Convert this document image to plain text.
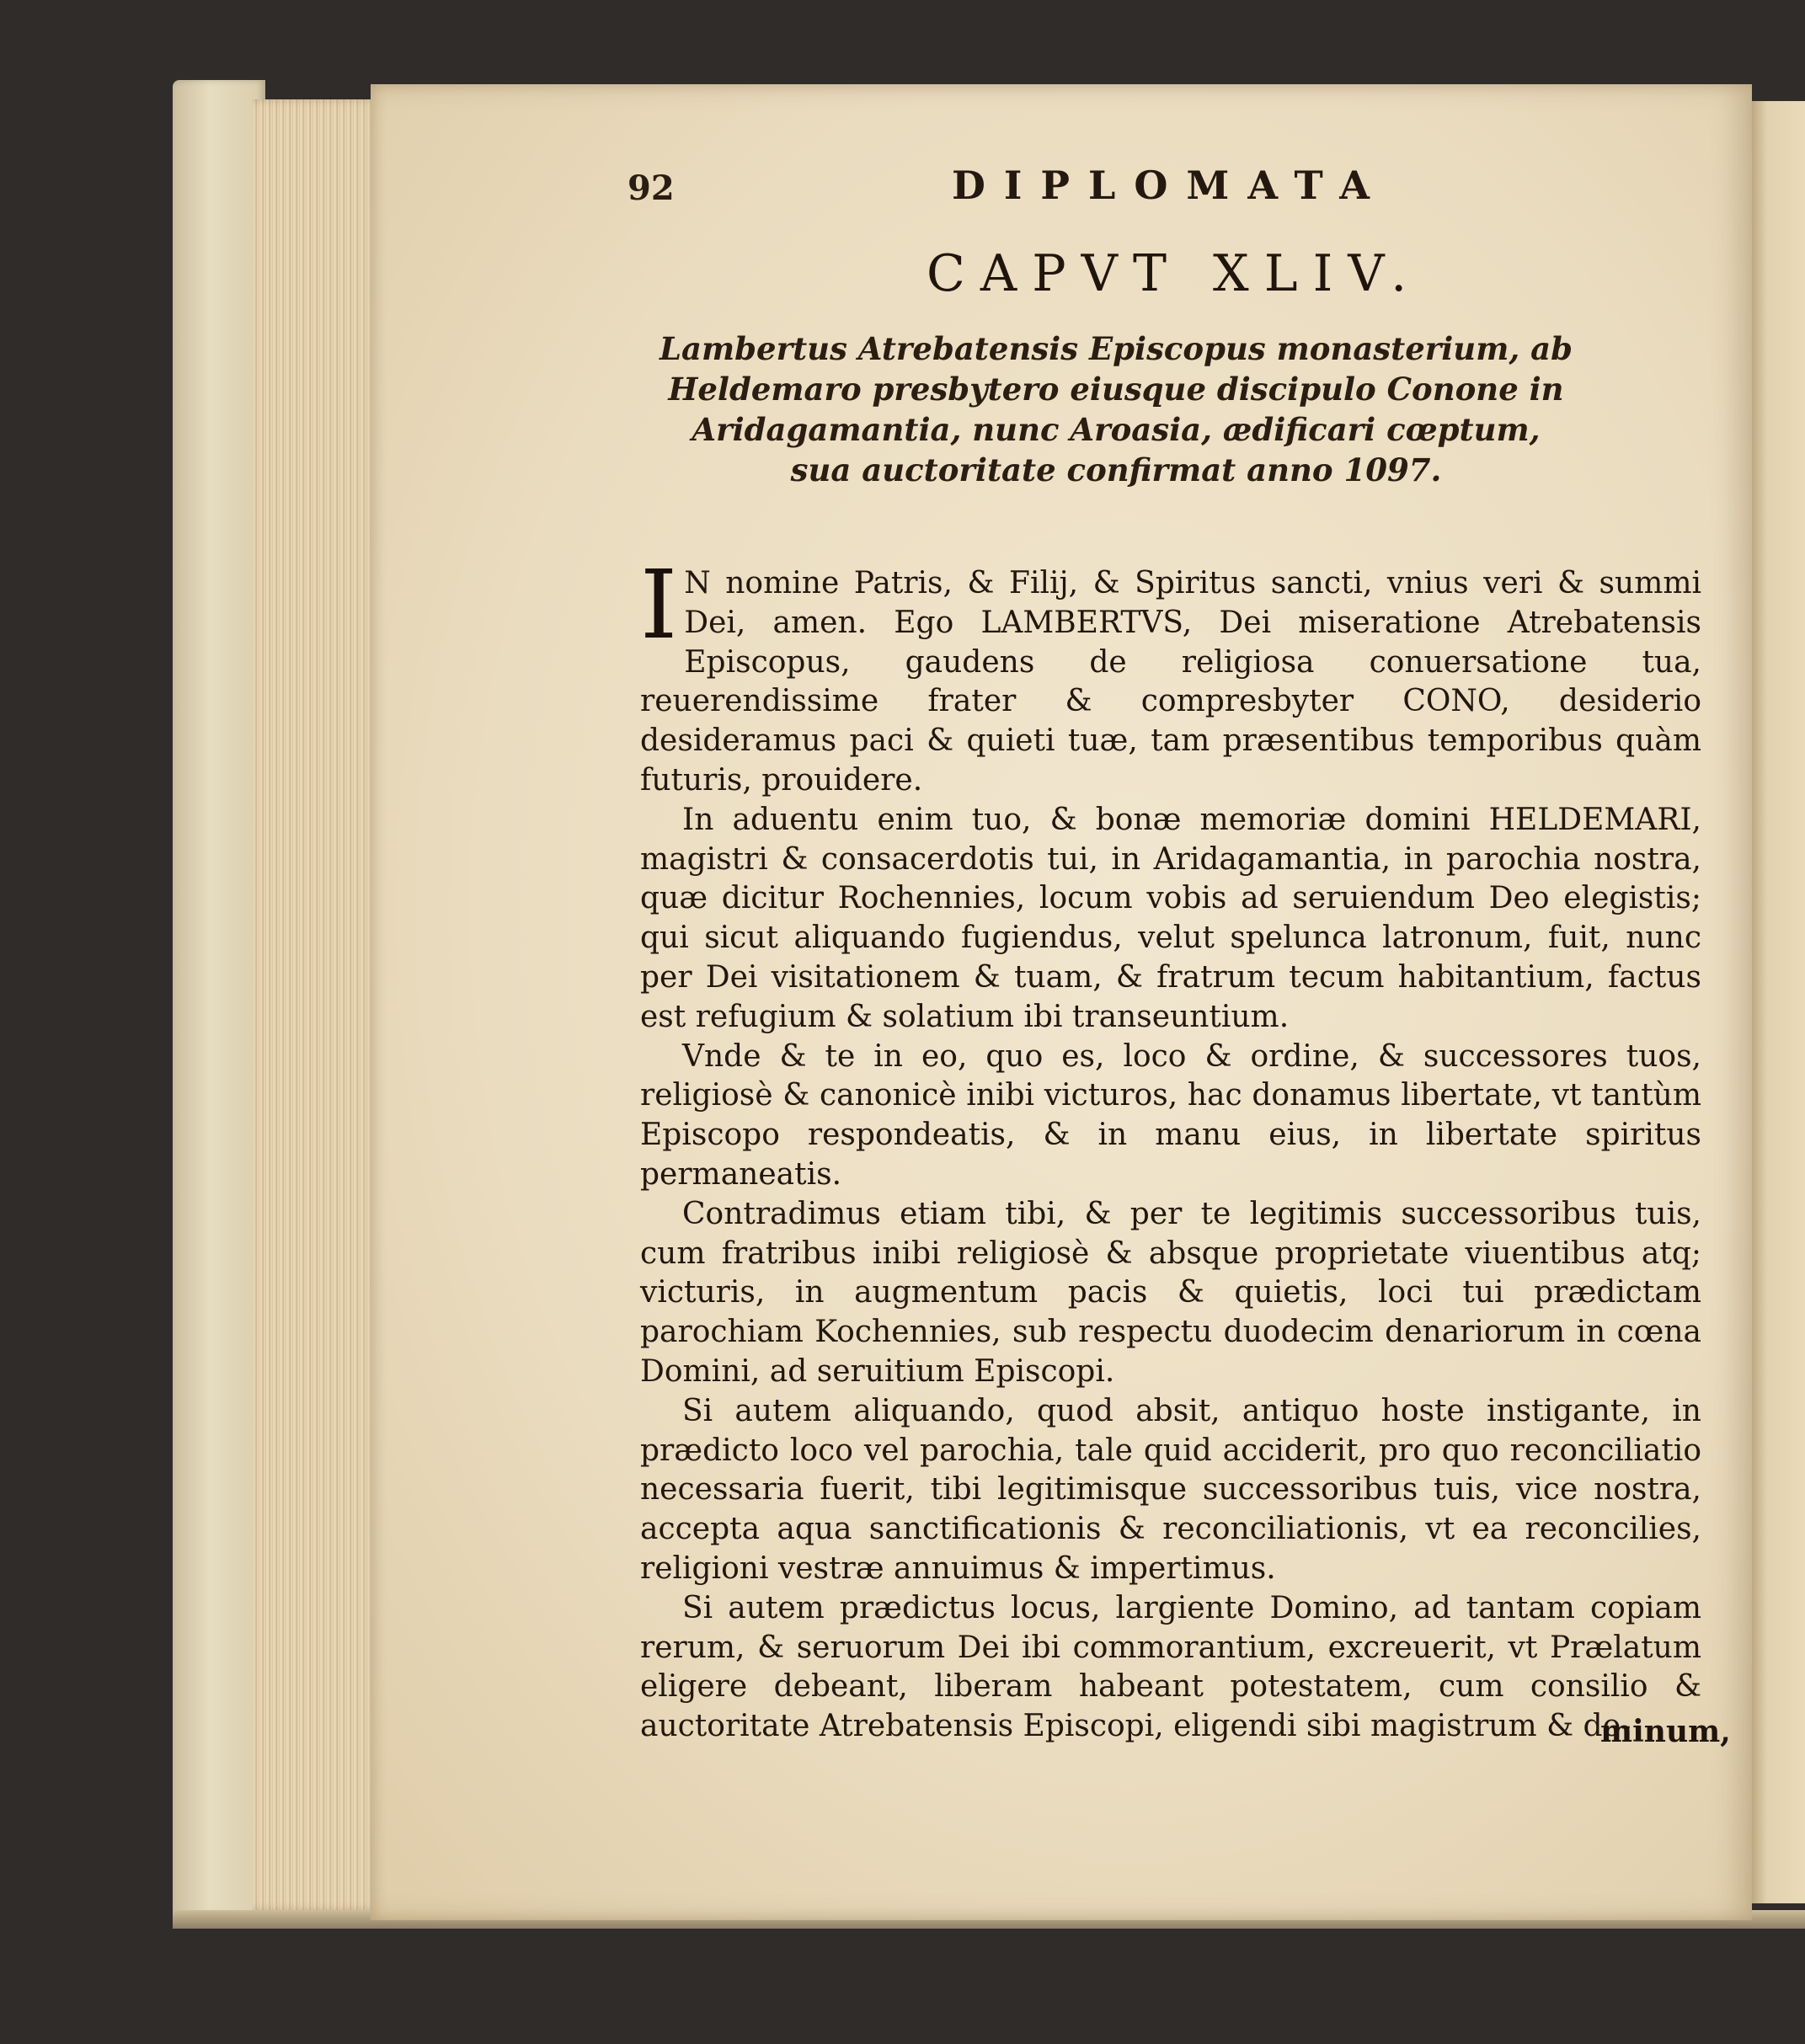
92	DIPLOMATA
CAPVT XLIV.
Lambertus Atrebatensis Episcopus monasterium, ab Heldemaro presbytero eiusque discipulo Conone in Aridagamantia, nunc Aroasia, ædificari cœptum, sua auctoritate confirmat anno 1097.

I N nomine Patris, & Filij, & Spiritus sancti, vnius veri & summi Dei, amen. Ego LAMBERTVS, Dei miseratione Atrebatensis Episcopus, gaudens de religiosa conuersatione tua, reuerendissime frater & compresbyter CONO, desiderio desideramus paci & quieti tuæ, tam præsentibus temporibus quàm futuris, prouidere.

In aduentu enim tuo, & bonæ memoriæ domini HELDEMARI, magistri & consacerdotis tui, in Aridagamantia, in parochia nostra, quæ dicitur Rochennies, locum vobis ad seruiendum Deo elegistis; qui sicut aliquando fugiendus, velut spelunca latronum, fuit, nunc per Dei visitationem & tuam, & fratrum tecum habitantium, factus est refugium & solatium ibi transeuntium.

Vnde & te in eo, quo es, loco & ordine, & successores tuos, religiosè & canonicè inibi victuros, hac donamus libertate, vt tantùm Episcopo respondeatis, & in manu eius, in libertate spiritus permaneatis.

Contradimus etiam tibi, & per te legitimis successoribus tuis, cum fratribus inibi religiosè & absque proprietate viuentibus atq; victuris, in augmentum pacis & quietis, loci tui prædictam parochiam Kochennies, sub respectu duodecim denariorum in cœna Domini, ad seruitium Episcopi.

Si autem aliquando, quod absit, antiquo hoste instigante, in prædicto loco vel parochia, tale quid acciderit, pro quo reconciliatio necessaria fuerit, tibi legitimisque successoribus tuis, vice nostra, accepta aqua sanctificationis & reconciliationis, vt ea reconcilies, religioni vestræ annuimus & impertimus.

Si autem prædictus locus, largiente Domino, ad tantam copiam rerum, & seruorum Dei ibi commorantium, excreuerit, vt Prælatum eligere debeant, liberam habeant potestatem, cum consilio & auctoritate Atrebatensis Episcopi, eligendi sibi magistrum & do-

minum,
